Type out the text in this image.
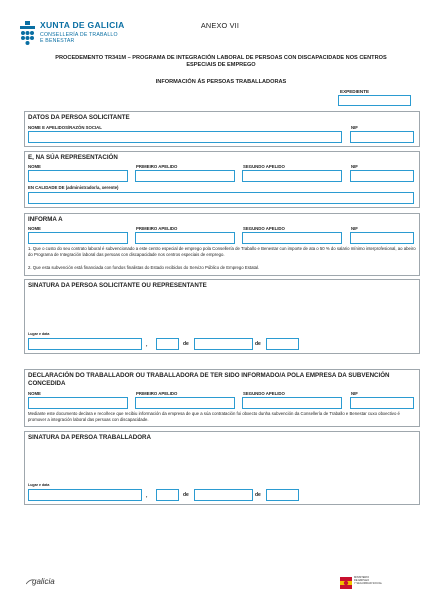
XUNTA DE GALICIA
CONSELLERÍA DE TRABALLO
E BENESTAR
ANEXO VII
PROCEDEMENTO TR341M – PROGRAMA DE INTEGRACIÓN LABORAL DE PERSOAS CON DISCAPACIDADE NOS CENTROS ESPECIAIS DE EMPREGO
INFORMACIÓN ÁS PERSOAS TRABALLADORAS
EXPEDIENTE
DATOS DA PERSOA SOLICITANTE
NOME E APELIDOS/RAZÓN SOCIAL	NIF
E, NA SÚA REPRESENTACIÓN
NOME	PRIMEIRO APELIDO	SEGUNDO APELIDO	NIF
EN CALIDADE DE (administrador/a, xerente)
INFORMA A
NOME	PRIMEIRO APELIDO	SEGUNDO APELIDO	NIF
1. Que o custo do seu contrato laboral é subvencionado a este centro especial de emprego pola Consellería de Traballo e Benestar cun importe de ata o 50 % do salario mínimo interprofesional, ao abeiro do Programa de Integración laboral das persoas con discapacidade nos centros especiais de emprego.
2. Que esta subvención está financiada con fondos finalistas do Estado recibidos do Servizo Público de Emprego Estatal.
SINATURA DA PERSOA SOLICITANTE OU REPRESENTANTE
Lugar e data
,	de	de
DECLARACIÓN DO TRABALLADOR OU TRABALLADORA DE TER SIDO INFORMADO/A POLA EMPRESA DA SUBVENCIÓN CONCEDIDA
NOME	PRIMEIRO APELIDO	SEGUNDO APELIDO	NIF
Mediante este documento declara e recoñece que recibiu información da empresa de que a súa contratación foi obxecto dunha subvención da Consellería de Traballo e Benestar cuxo obxectivo é promover a integración laboral das persoas con discapacidade.
SINATURA DA PERSOA TRABALLADORA
Lugar e data
,	de	de
galicia	MINISTERIO
DE EMPLEO
Y SEGURIDAD SOCIAL
